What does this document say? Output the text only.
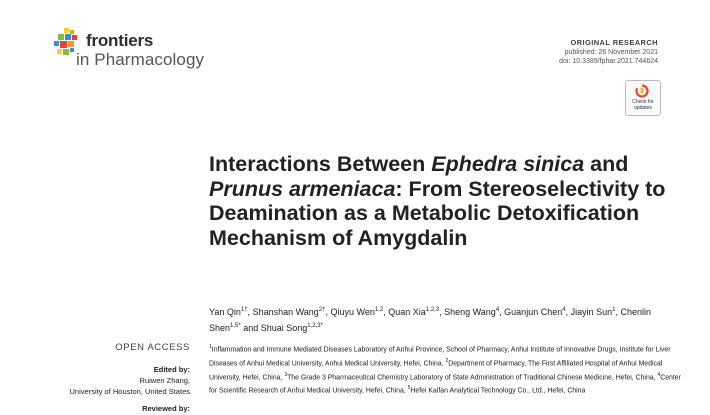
frontiers
in Pharmacology
ORIGINAL RESEARCH
published: 26 November 2021
doi: 10.3389/fphar.2021.744624
Check for
updates
Interactions Between Ephedra sinica and Prunus armeniaca: From Stereoselectivity to Deamination as a Metabolic Detoxification Mechanism of Amygdalin
Yan Qin$^{1\dagger}$, Shanshan Wang$^{2\dagger}$, Qiuyu Wen$^{1,2}$, Quan Xia$^{1,2,3}$, Sheng Wang$^4$, Guanjun Chen$^4$, Jiayin Sun$^1$, Chenlin Shen$^{1,5*}$ and Shuai Song$^{1,2,3*}$
$^1$Inflammation and Immune Mediated Diseases Laboratory of Anhui Province, School of Pharmacy, Anhui Institute of Innovative Drugs, Institute for Liver Diseases of Anhui Medical University, Anhui Medical University, Hefei, China, $^2$Department of Pharmacy, The First Affiliated Hospital of Anhui Medical University, Hefei, China, $^3$The Grade 3 Pharmaceutical Chemistry Laboratory of State Administration of Traditional Chinese Medicine, Hefei, China, $^4$Center for Scientific Research of Anhui Medical University, Hefei, China, $^5$Hefei Kaifan Analytical Technology Co., Ltd., Hefei, China
OPEN ACCESS
Edited by:
Ruiwen Zhang,
University of Houston, United States
Reviewed by:
